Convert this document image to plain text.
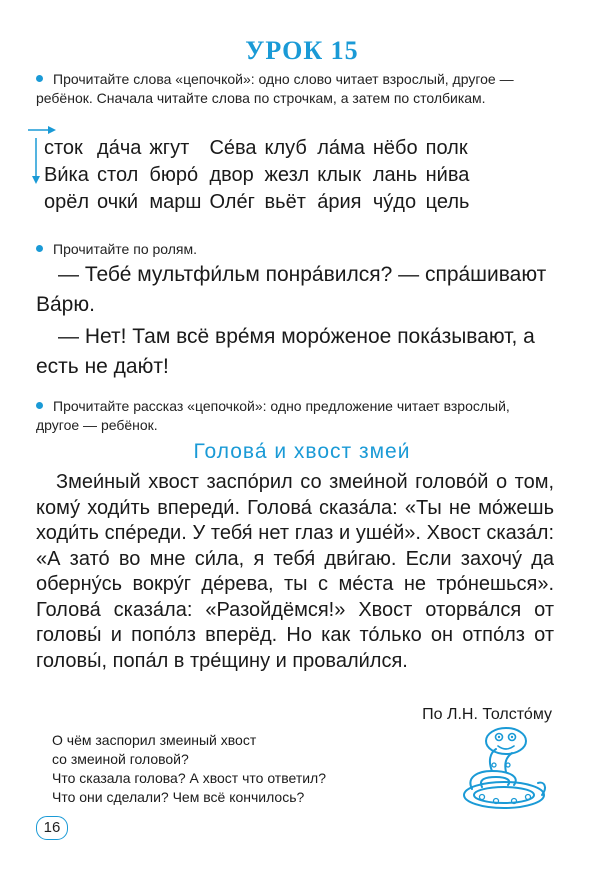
УРОК 15
Прочитайте слова «цепочкой»: одно слово читает взрослый, другое — ребёнок. Сначала читайте слова по строчкам, а затем по столбикам.
сток	да́ча	жгут	Се́ва	клуб	ла́ма	нёбо	полк
Ви́ка	стол	бюро́	двор	жезл	клык	лань	ни́ва
орёл	очки́	марш	Оле́г	вьёт	а́рия	чу́до	цель
Прочитайте по ролям.

— Тебе́ мультфи́льм понра́вился? — спра́шивают Ва́рю.

— Нет! Там всё вре́мя моро́женое пока́зывают, а есть не даю́т!

Прочитайте рассказ «цепочкой»: одно предложение читает взрослый, другое — ребёнок.
Голова́ и хвост змеи́

Змеи́ный хвост заспо́рил со змеи́ной голово́й о том, кому́ ходи́ть впереди́. Голова́ сказа́ла: «Ты не мо́жешь ходи́ть спе́реди. У тебя́ нет глаз и уше́й». Хвост сказа́л: «А зато́ во мне си́ла, я тебя́ дви́гаю. Если захочу́ да оберну́сь вокру́г де́рева, ты с ме́ста не тро́нешься». Голова́ сказа́ла: «Разойдёмся!» Хвост оторва́лся от головы́ и попо́лз вперёд. Но как то́лько он отпо́лз от головы́, попа́л в тре́щину и провали́лся.

По Л.Н. Толсто́му
О чём заспорил змеиный хвост
со змеиной головой?
Что сказала голова? А хвост что ответил?
Что они сделали? Чем всё кончилось?
16
